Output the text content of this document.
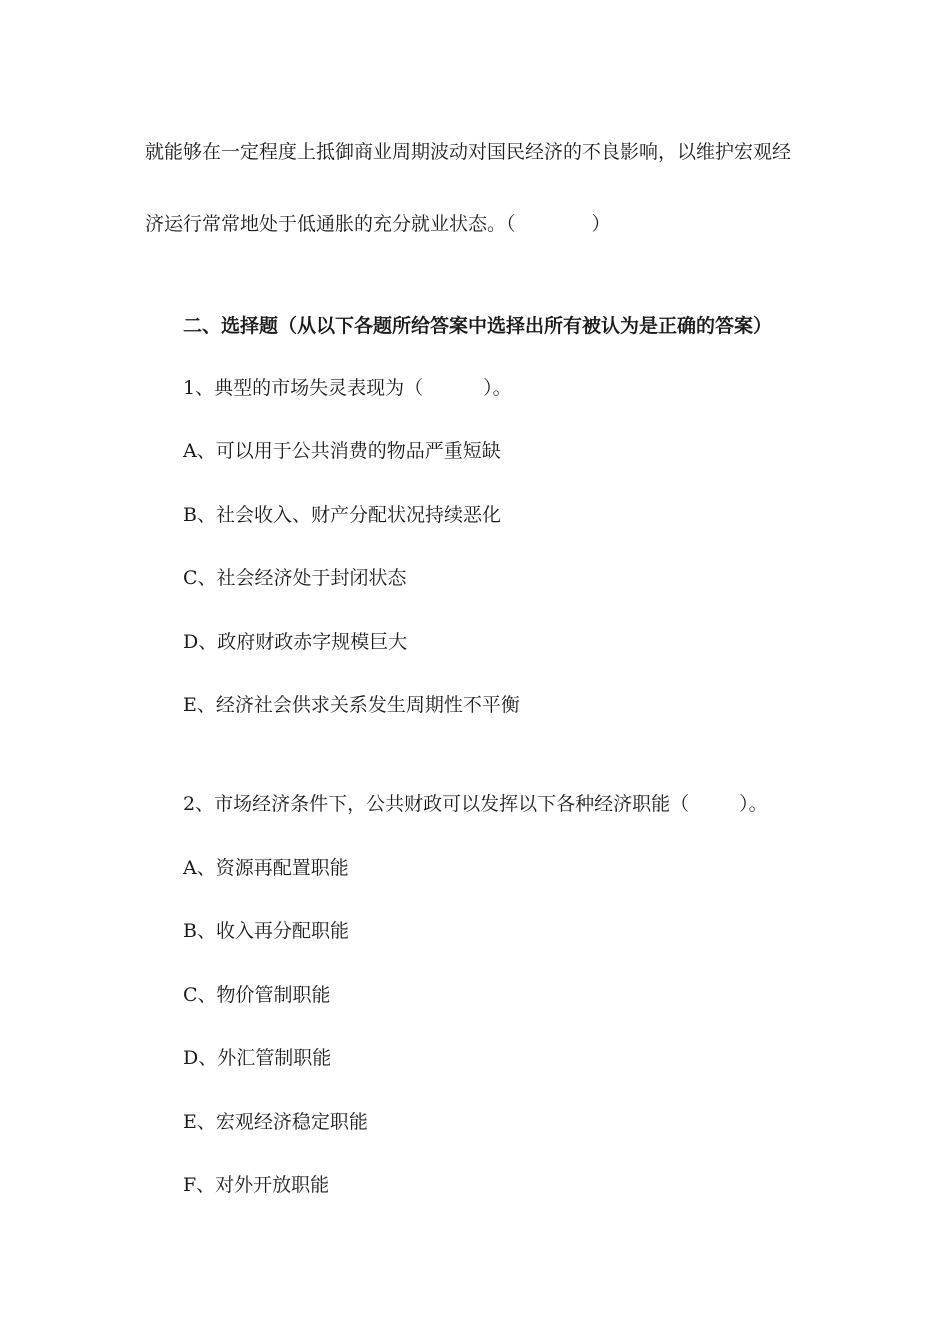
就能够在一定程度上抵御商业周期波动对国民经济的不良影响，以维护宏观经
济运行常常地处于低通胀的充分就业状态。（	）
二、选择题（从以下各题所给答案中选择出所有被认为是正确的答案）
1、典型的市场失灵表现为（	）。
A、可以用于公共消费的物品严重短缺
B、社会收入、财产分配状况持续恶化
C、社会经济处于封闭状态
D、政府财政赤字规模巨大
E、经济社会供求关系发生周期性不平衡
2、市场经济条件下，公共财政可以发挥以下各种经济职能（	）。
A、资源再配置职能
B、收入再分配职能
C、物价管制职能
D、外汇管制职能
E、宏观经济稳定职能
F、对外开放职能
